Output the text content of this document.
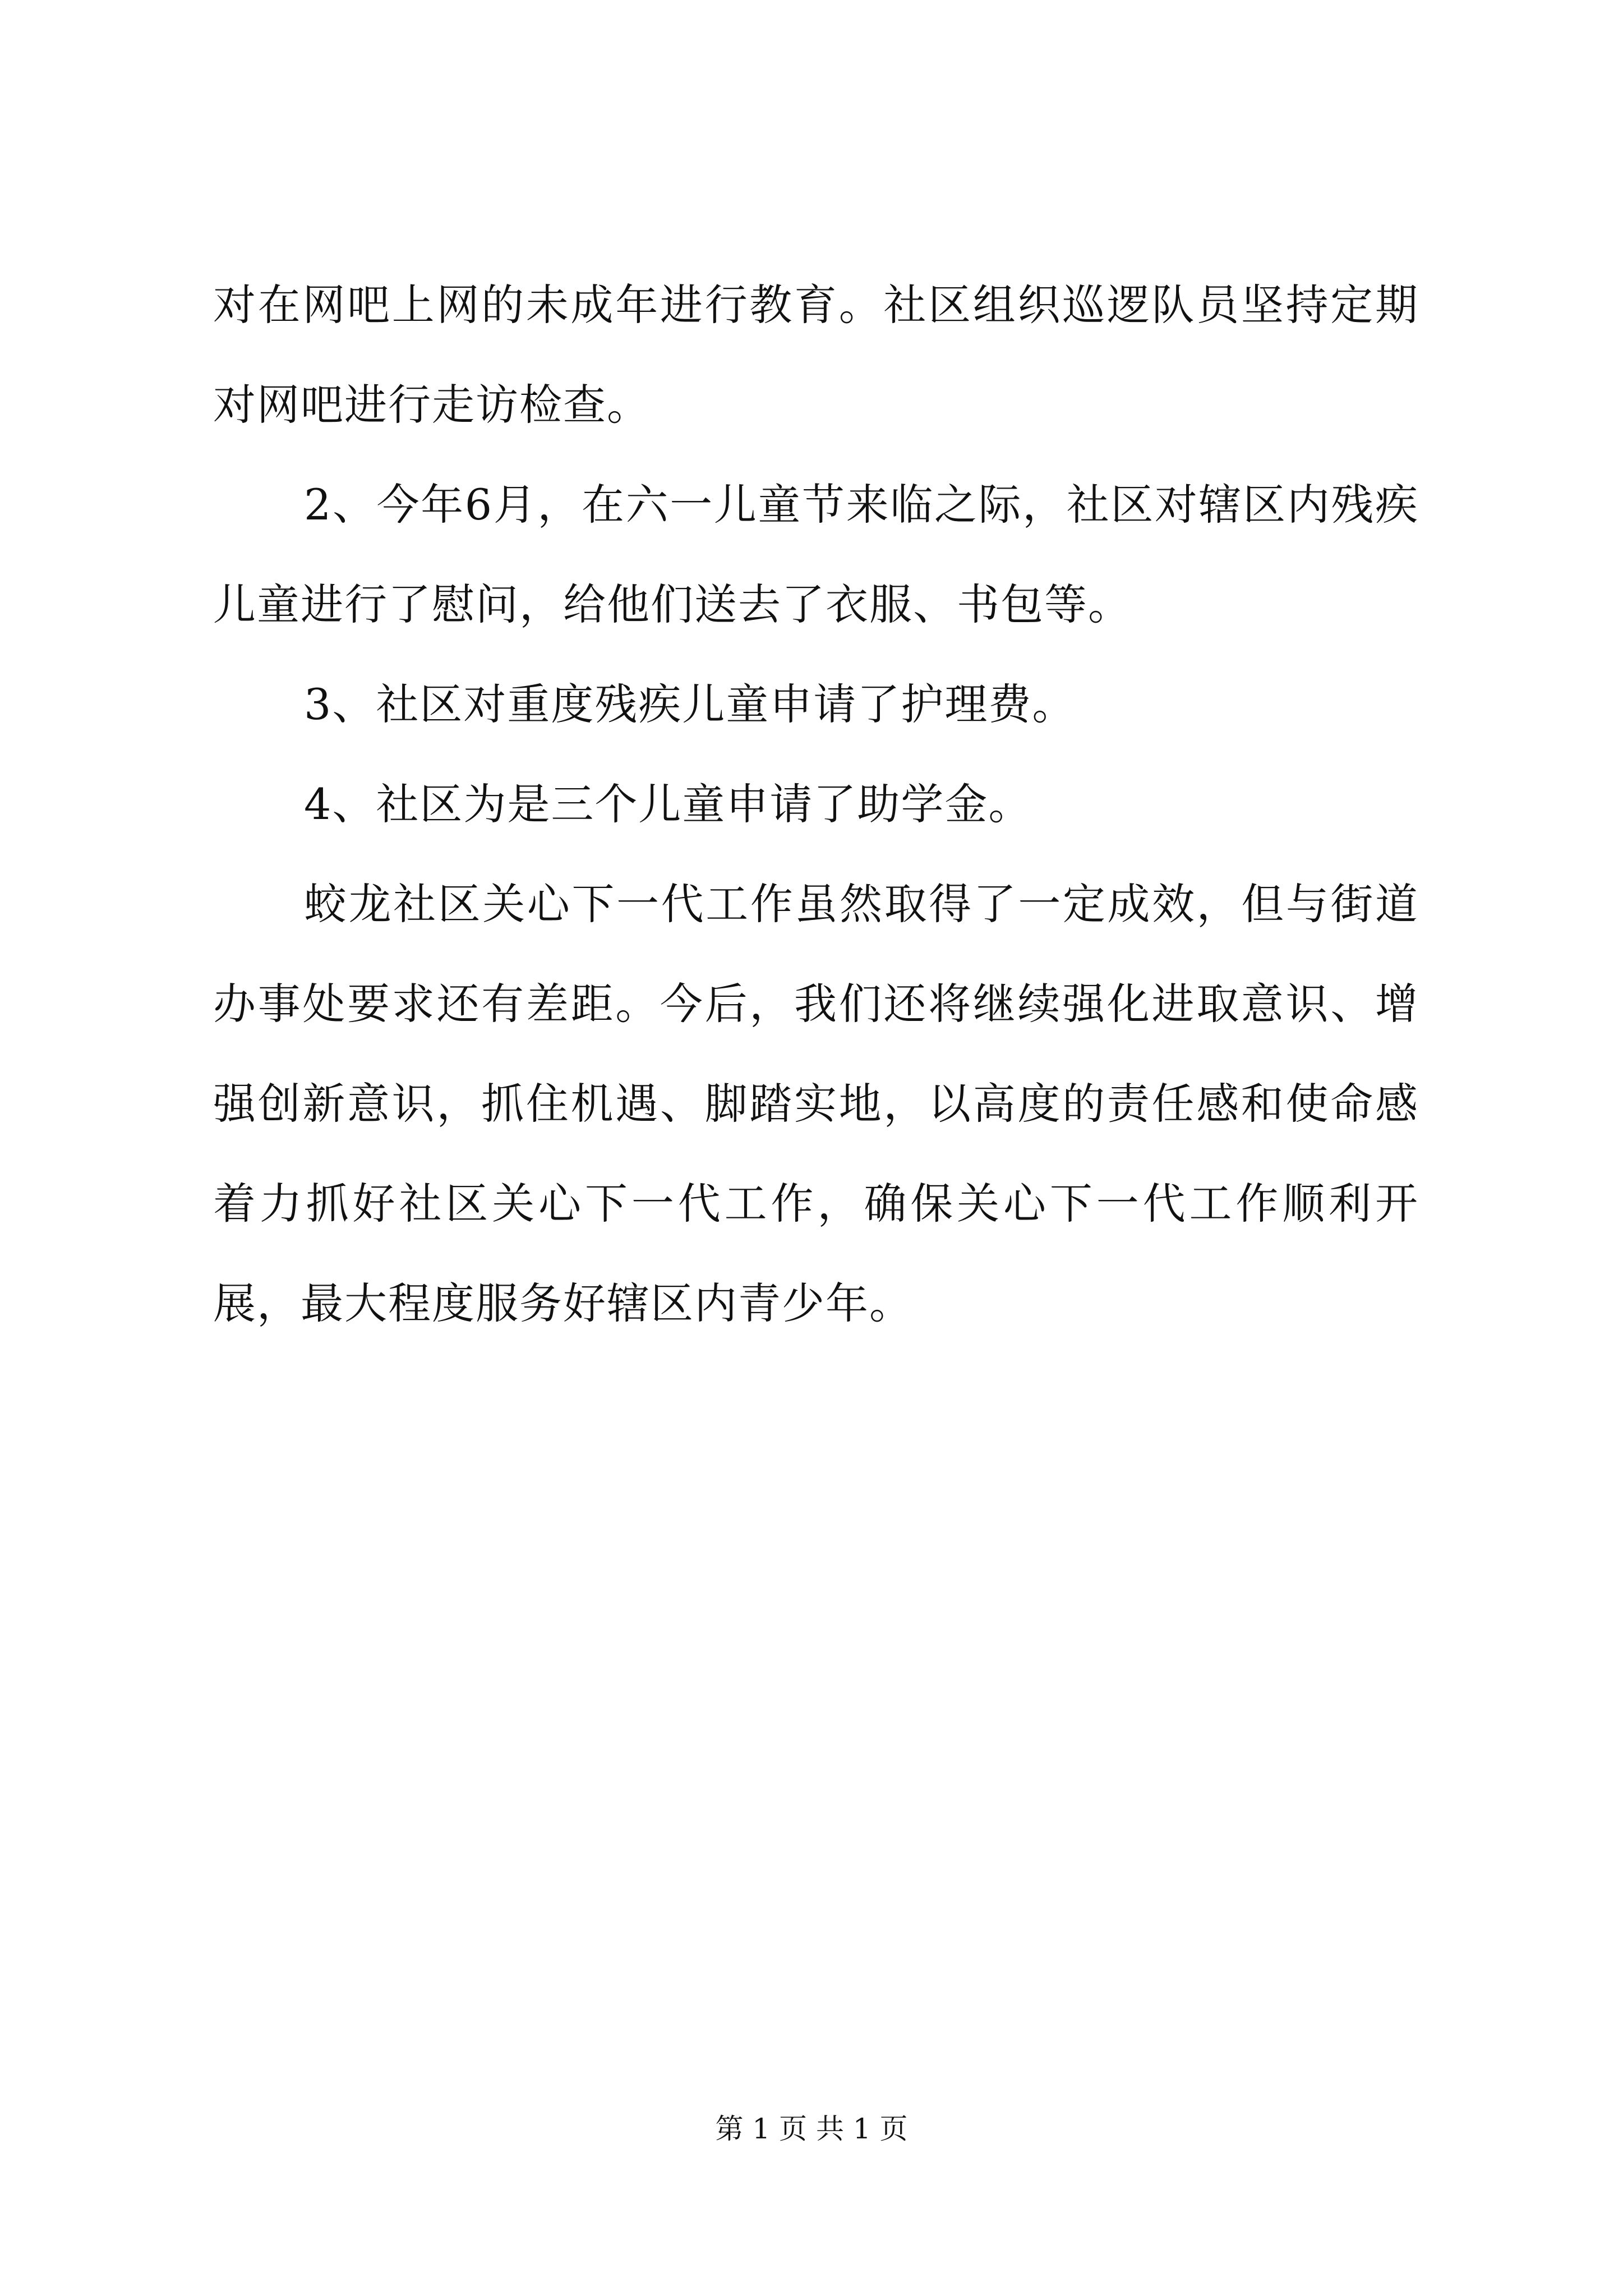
对在网吧上网的未成年进行教育。社区组织巡逻队员坚持定期对网吧进行走访检查。

2、今年6月，在六一儿童节来临之际，社区对辖区内残疾儿童进行了慰问，给他们送去了衣服、书包等。

3、社区对重度残疾儿童申请了护理费。

4、社区为是三个儿童申请了助学金。

蛟龙社区关心下一代工作虽然取得了一定成效，但与街道办事处要求还有差距。今后，我们还将继续强化进取意识、增强创新意识，抓住机遇、脚踏实地，以高度的责任感和使命感着力抓好社区关心下一代工作，确保关心下一代工作顺利开展，最大程度服务好辖区内青少年。

第 1 页 共 1 页
